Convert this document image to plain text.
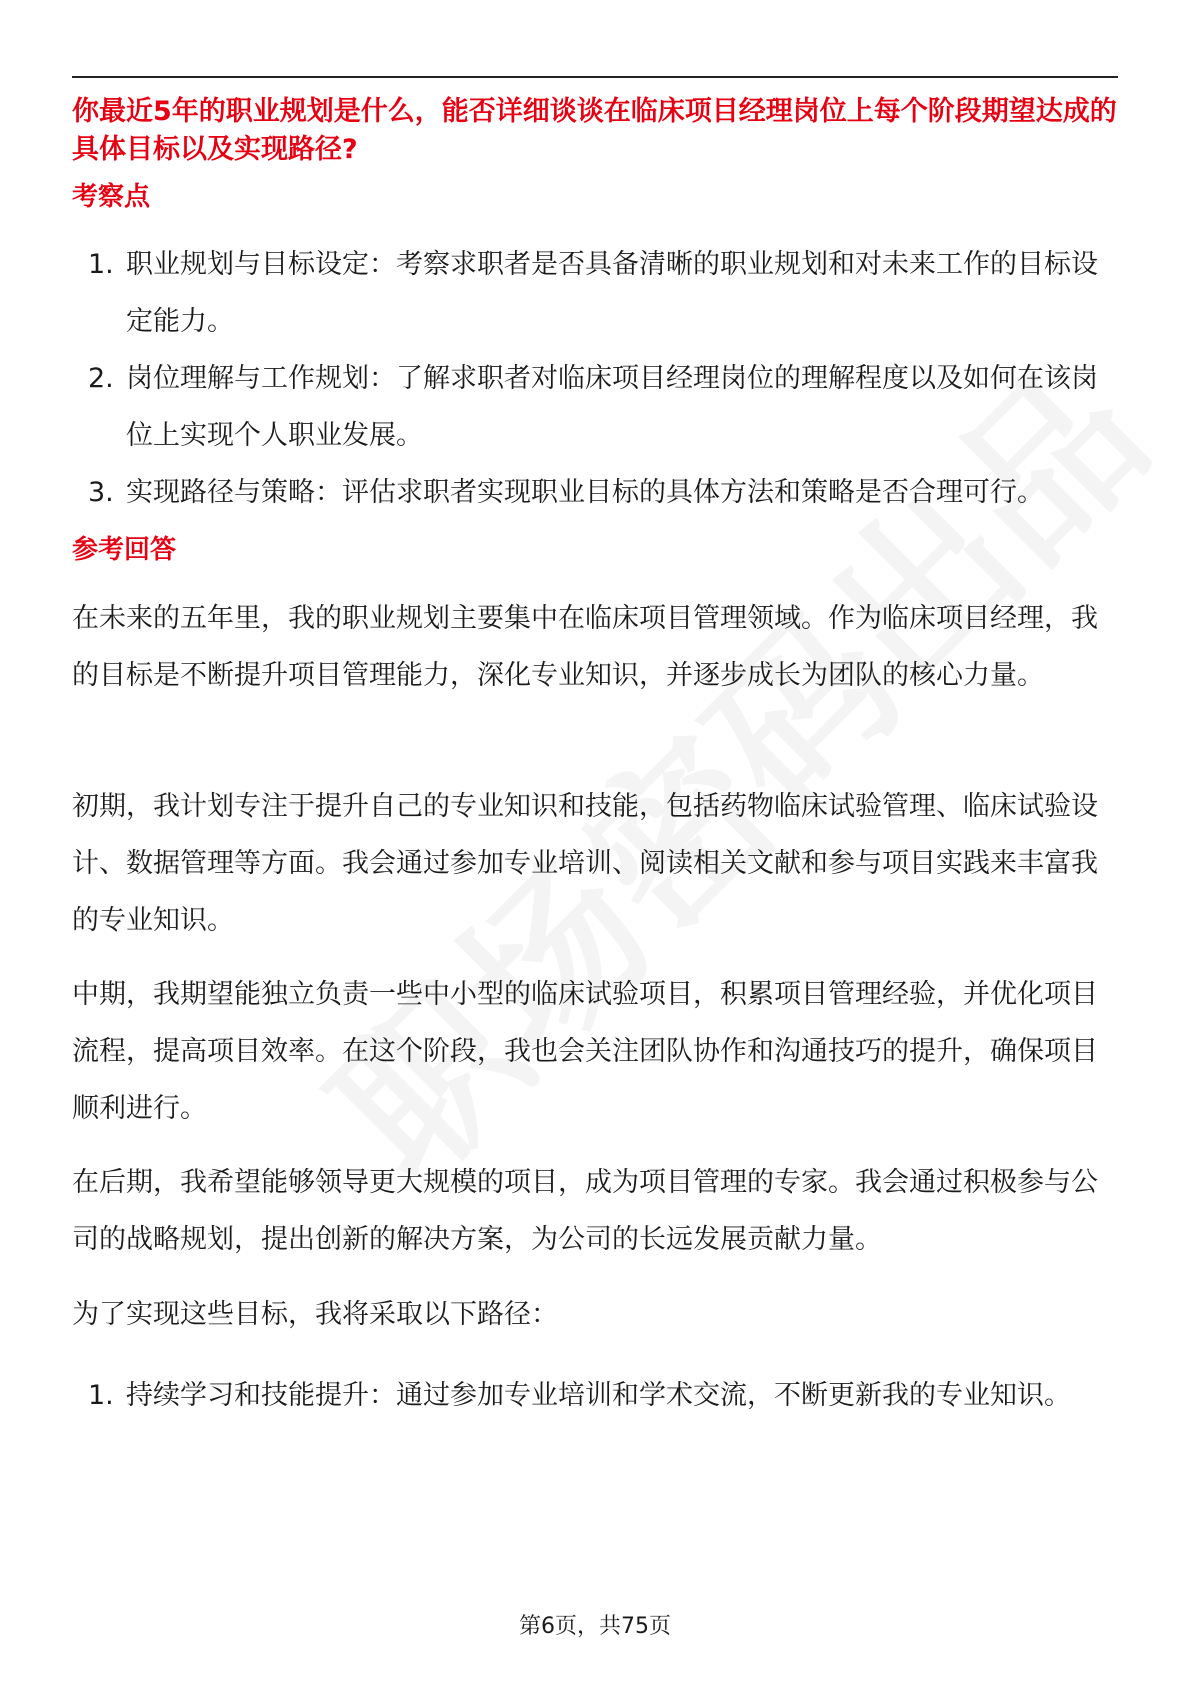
你最近5年的职业规划是什么，能否详细谈谈在临床项目经理岗位上每个阶段期望达成的具体目标以及实现路径?
考察点
1. 职业规划与目标设定：考察求职者是否具备清晰的职业规划和对未来工作的目标设定能力。
2. 岗位理解与工作规划：了解求职者对临床项目经理岗位的理解程度以及如何在该岗位上实现个人职业发展。
3. 实现路径与策略：评估求职者实现职业目标的具体方法和策略是否合理可行。
参考回答

在未来的五年里，我的职业规划主要集中在临床项目管理领域。作为临床项目经理，我的目标是不断提升项目管理能力，深化专业知识，并逐步成长为团队的核心力量。

初期，我计划专注于提升自己的专业知识和技能，包括药物临床试验管理、临床试验设计、数据管理等方面。我会通过参加专业培训、阅读相关文献和参与项目实践来丰富我的专业知识。

中期，我期望能独立负责一些中小型的临床试验项目，积累项目管理经验，并优化项目流程，提高项目效率。在这个阶段，我也会关注团队协作和沟通技巧的提升，确保项目顺利进行。

在后期，我希望能够领导更大规模的项目，成为项目管理的专家。我会通过积极参与公司的战略规划，提出创新的解决方案，为公司的长远发展贡献力量。

为了实现这些目标，我将采取以下路径：

1. 持续学习和技能提升：通过参加专业培训和学术交流，不断更新我的专业知识。
第6页，共75页
